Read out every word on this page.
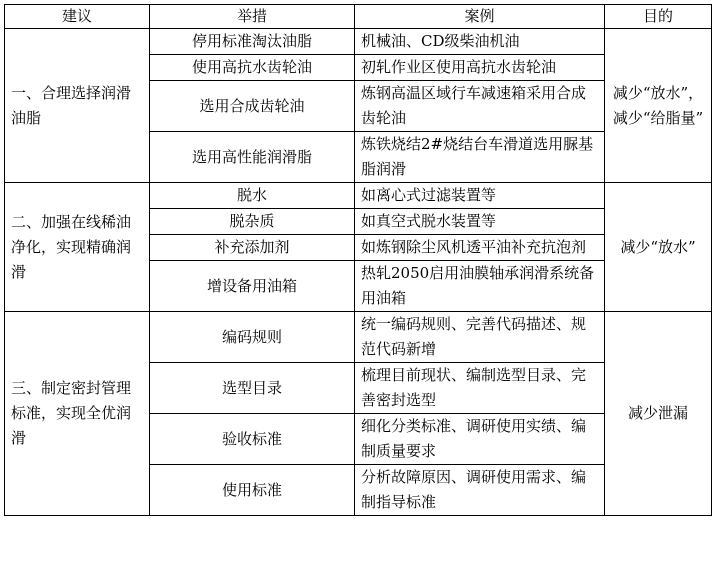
建议	举措	案例	目的
一、合理选择润滑油脂	停用标准淘汰油脂	机械油、CD级柴油机油	减少“放水”，减少“给脂量”
	使用高抗水齿轮油	初轧作业区使用高抗水齿轮油	
	选用合成齿轮油	炼钢高温区域行车减速箱采用合成齿轮油	
	选用高性能润滑脂	炼铁烧结2#烧结台车滑道选用脲基脂润滑	
二、加强在线稀油净化，实现精确润滑	脱水	如离心式过滤装置等	减少“放水”
	脱杂质	如真空式脱水装置等	
	补充添加剂	如炼钢除尘风机透平油补充抗泡剂	
	增设备用油箱	热轧2050启用油膜轴承润滑系统备用油箱	
三、制定密封管理标准，实现全优润滑	编码规则	统一编码规则、完善代码描述、规范代码新增	减少泄漏
	选型目录	梳理目前现状、编制选型目录、完善密封选型	
	验收标准	细化分类标准、调研使用实绩、编制质量要求	
	使用标准	分析故障原因、调研使用需求、编制指导标准	
